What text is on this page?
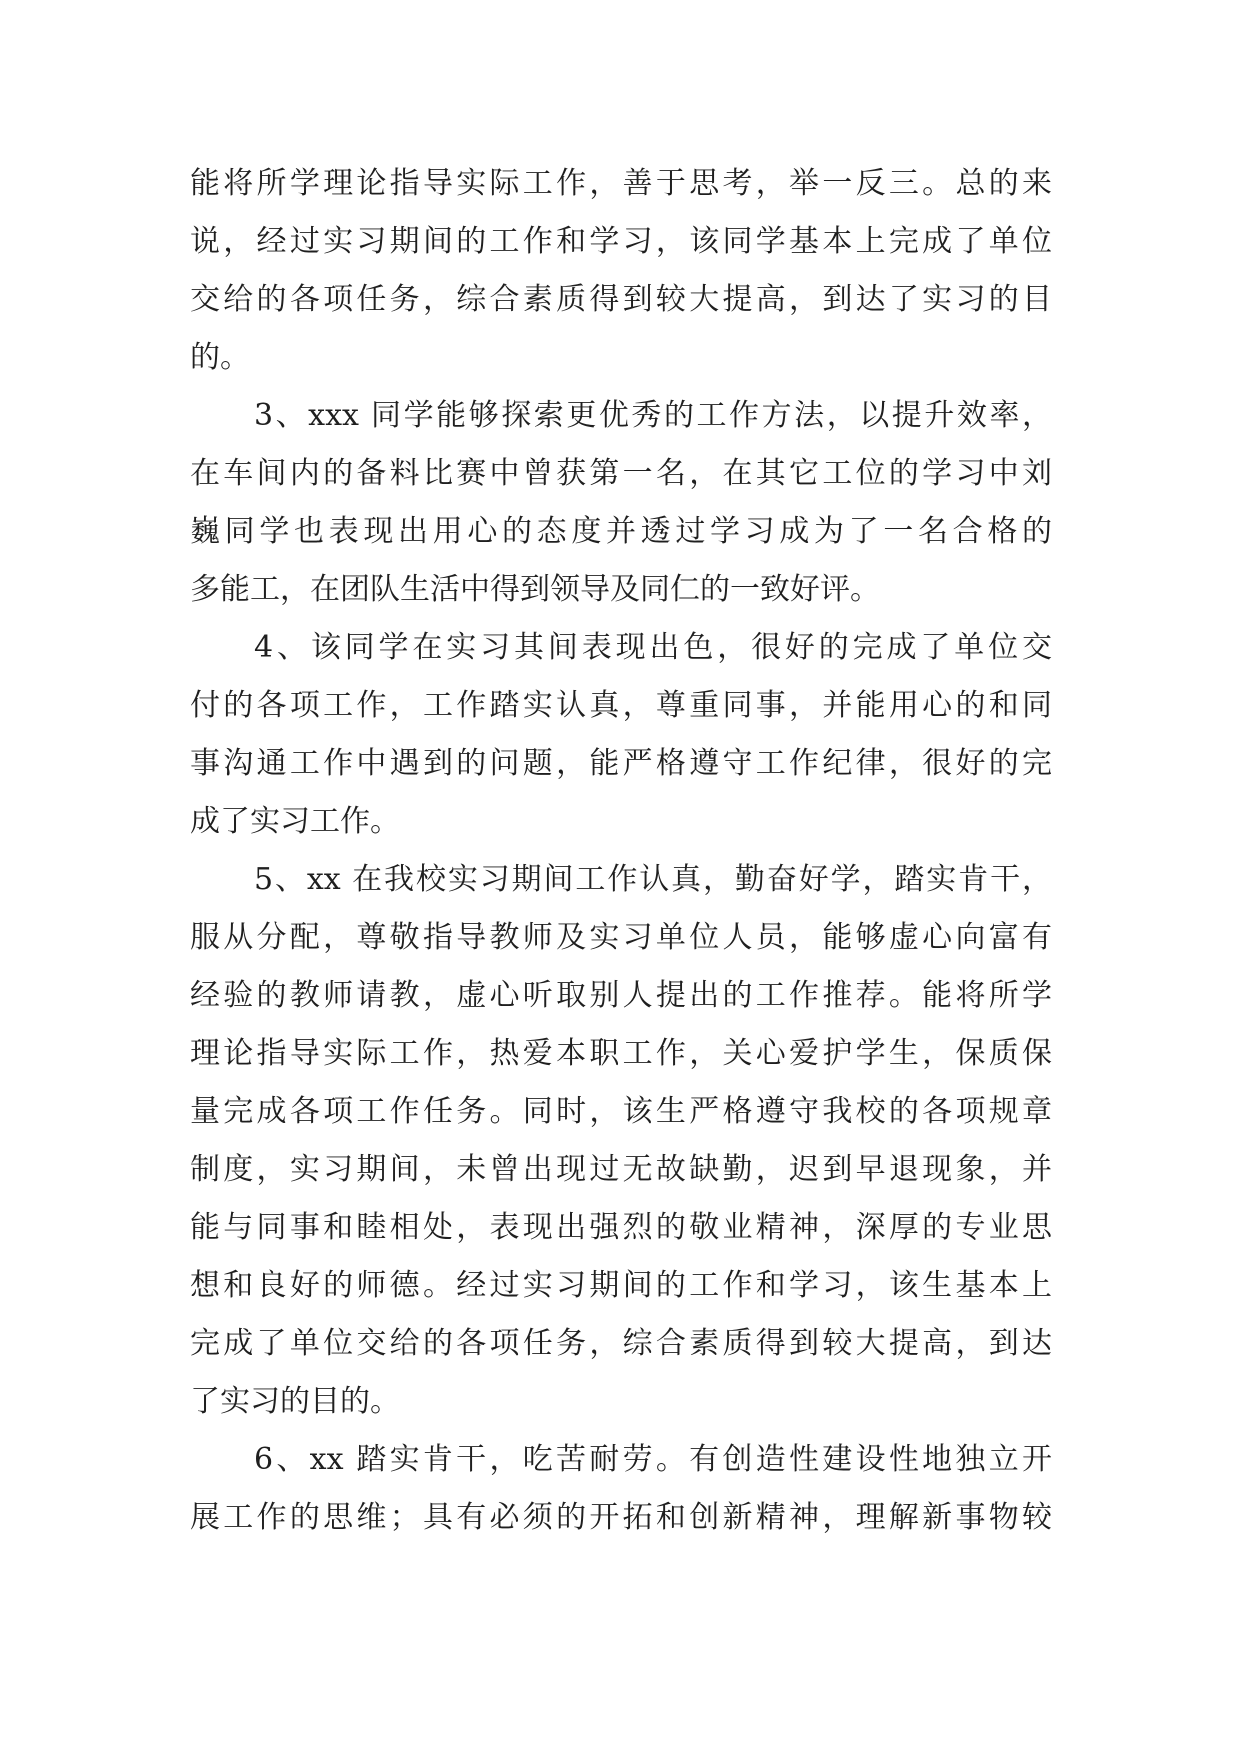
能将所学理论指导实际工作，善于思考，举一反三。总的来
说，经过实习期间的工作和学习，该同学基本上完成了单位
交给的各项任务，综合素质得到较大提高，到达了实习的目
的。
3、xxx 同学能够探索更优秀的工作方法，以提升效率，
在车间内的备料比赛中曾获第一名，在其它工位的学习中刘
巍同学也表现出用心的态度并透过学习成为了一名合格的
多能工，在团队生活中得到领导及同仁的一致好评。
4、该同学在实习其间表现出色，很好的完成了单位交
付的各项工作，工作踏实认真，尊重同事，并能用心的和同
事沟通工作中遇到的问题，能严格遵守工作纪律，很好的完
成了实习工作。
5、xx 在我校实习期间工作认真，勤奋好学，踏实肯干，
服从分配，尊敬指导教师及实习单位人员，能够虚心向富有
经验的教师请教，虚心听取别人提出的工作推荐。能将所学
理论指导实际工作，热爱本职工作，关心爱护学生，保质保
量完成各项工作任务。同时，该生严格遵守我校的各项规章
制度，实习期间，未曾出现过无故缺勤，迟到早退现象，并
能与同事和睦相处，表现出强烈的敬业精神，深厚的专业思
想和良好的师德。经过实习期间的工作和学习，该生基本上
完成了单位交给的各项任务，综合素质得到较大提高，到达
了实习的目的。
6、xx 踏实肯干，吃苦耐劳。有创造性建设性地独立开
展工作的思维；具有必须的开拓和创新精神，理解新事物较
